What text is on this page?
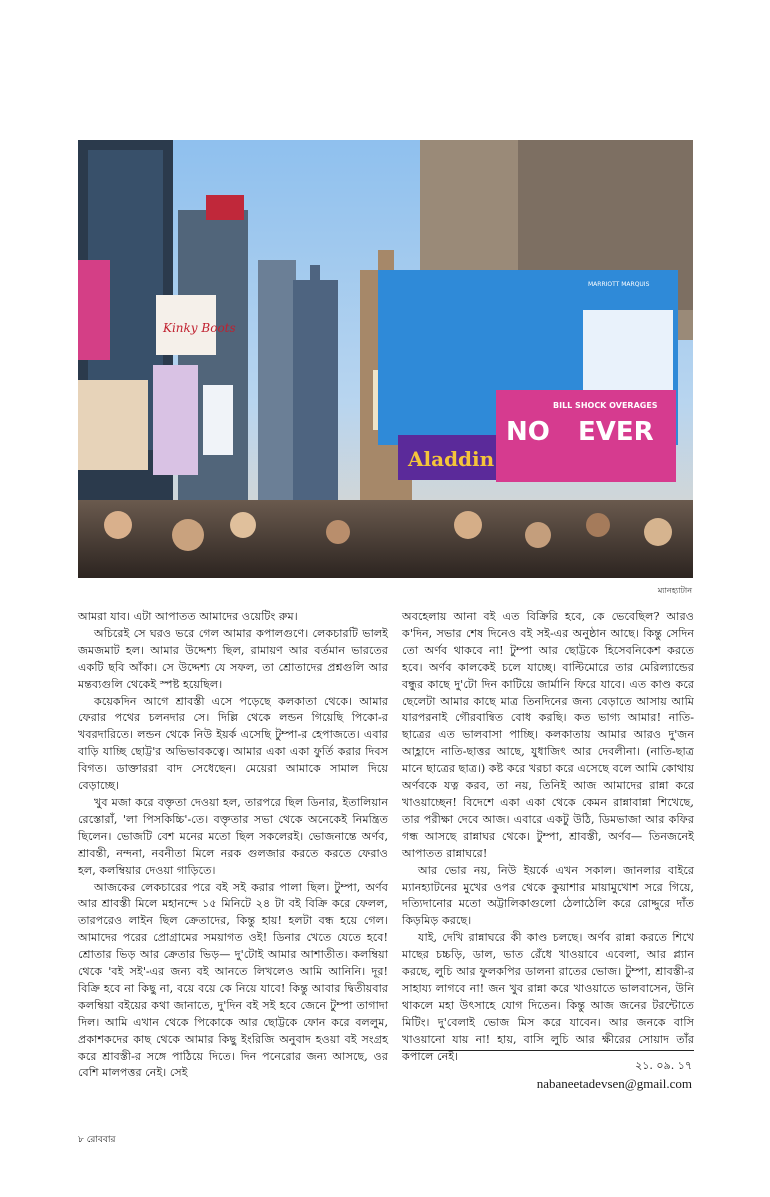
Kinky Boots
Aladdin
NO EVER
BILL SHOCK OVERAGES
MARRIOTT MARQUIS
ম্যানহ্যাটান

আমরা যাব। এটা আপাতত আমাদের ওয়েটিং রুম।

অচিরেই সে ঘরও ভরে গেল আমার কপালগুণে। লেকচারটি ভালই জমজমাট হল। আমার উদ্দেশ্য ছিল, রামায়ণ আর বর্তমান ভারতের একটি ছবি আঁকা। সে উদ্দেশ্য যে সফল, তা শ্রোতাদের প্রশ্নগুলি আর মন্তব্যগুলি থেকেই স্পষ্ট হয়েছিল।

কয়েকদিন আগে শ্রাবস্তী এসে পড়েছে কলকাতা থেকে। আমার ফেরার পথের চলনদার সে। দিল্লি থেকে লন্ডন গিয়েছি পিকো-র খবরদারিতে। লন্ডন থেকে নিউ ইয়র্ক এসেছি টুম্পা-র হেপাজতে। এবার বাড়ি যাচ্ছি ছোট্ট'র অভিভাবকত্বে। আমার একা একা ফুর্তি করার দিবস বিগত। ডাক্তাররা বাদ সেধেছেন। মেয়েরা আমাকে সামাল দিয়ে বেড়াচ্ছে।

খুব মজা করে বক্তৃতা দেওয়া হল, তারপরে ছিল ডিনার, ইতালিয়ান রেস্তোরাঁ, 'লা পিসকিচ্চি'-তে। বক্তৃতার সভা থেকে অনেকেই নিমন্ত্রিত ছিলেন। ভোজটি বেশ মনের মতো ছিল সকলেরই। ভোজনান্তে অর্ণব, শ্রাবন্তী, নন্দনা, নবনীতা মিলে নরক গুলজার করতে করতে ফেরাও হল, কলম্বিয়ার দেওয়া গাড়িতে।

আজকের লেকচারের পরে বই সই করার পালা ছিল। টুম্পা, অর্ণব আর শ্রাবস্তী মিলে মহানন্দে ১৫ মিনিটে ২৪ টা বই বিক্রি করে ফেলল, তারপরেও লাইন ছিল ক্রেতাদের, কিন্তু হায়! হলটা বন্ধ হয়ে গেল। আমাদের পরের প্রোগ্রামের সময়াগত ওই! ডিনার খেতে যেতে হবে! শ্রোতার ভিড় আর ক্রেতার ভিড়— দু'টোই আমার আশাতীত। কলম্বিয়া থেকে 'বই সই'-এর জন্য বই আনতে লিখলেও আমি আনিনি। দূর! বিক্রি হবে না কিছু না, বয়ে বয়ে কে নিয়ে যাবে! কিন্তু আবার দ্বিতীয়বার কলম্বিয়া বইয়ের কথা জানাতে, দু'দিন বই সই হবে জেনে টুম্পা তাগাদা দিল। আমি এখান থেকে পিকোকে আর ছোট্টকে ফোন করে বললুম, প্রকাশকদের কাছ থেকে আমার কিছু ইংরিজি অনুবাদ হওয়া বই সংগ্রহ করে শ্রাবস্তী-র সঙ্গে পাঠিয়ে দিতে। দিন পনেরোর জন্য আসছে, ওর বেশি মালপত্তর নেই। সেই

অবহেলায় আনা বই এত বিক্রিরি হবে, কে ভেবেছিল? আরও ক'দিন, সভার শেষ দিনেও বই সই-এর অনুষ্ঠান আছে। কিন্তু সেদিন তো অর্ণব থাকবে না! টুম্পা আর ছোট্টকে হিসেবনিকেশ করতে হবে। অর্ণব কালকেই চলে যাচ্ছে। বাল্টিমোরে তার মেরিল্যান্ডের বন্ধুর কাছে দু'টো দিন কাটিয়ে জার্মানি ফিরে যাবে। এত কাণ্ড করে ছেলেটা আমার কাছে মাত্র তিনদিনের জন্য বেড়াতে আসায় আমি যারপরনাই গৌরবান্বিত বোধ করছি। কত ভাগ্য আমার! নাতি-ছাত্রের এত ভালবাসা পাচ্ছি। কলকাতায় আমার আরও দু'জন আহ্লাদে নাতি-ছাত্তর আছে, যুধাজিৎ আর দেবলীনা। (নাতি-ছাত্র মানে ছাত্রের ছাত্র।) কষ্ট করে খরচা করে এসেছে বলে আমি কোথায় অর্ণবকে যত্ন করব, তা নয়, তিনিই আজ আমাদের রান্না করে খাওয়াচ্ছেন! বিদেশে একা একা থেকে কেমন রান্নাবান্না শিখেছে, তার পরীক্ষা দেবে আজ। এবারে একটু উঠি, ডিমভাজা আর কফির গন্ধ আসছে রান্নাঘর থেকে। টুম্পা, শ্রাবস্তী, অর্ণব— তিনজনেই আপাতত রান্নাঘরে!

আর ভোর নয়, নিউ ইয়র্কে এখন সকাল। জানলার বাইরে ম্যানহ্যাটনের মুখের ওপর থেকে কুয়াশার মায়ামুখোশ সরে গিয়ে, দত্যিদানোর মতো অট্টালিকাগুলো ঠেলাঠেলি করে রোদ্দুরে দাঁত কিড়মিড় করছে।

যাই, দেখি রান্নাঘরে কী কাণ্ড চলছে। অর্ণব রান্না করতে শিখে মাছের চচ্চড়ি, ডাল, ভাত রেঁধে খাওয়াবে এবেলা, আর প্ল্যান করছে, লুচি আর ফুলকপির ডালনা রাতের ভোজ। টুম্পা, শ্রাবস্তী-র সাহায্য লাগবে না! জন খুব রান্না করে খাওয়াতে ভালবাসেন, উনি থাকলে মহা উৎসাহে যোগ দিতেন। কিন্তু আজ জনের টরন্টোতে মিটিং। দু'বেলাই ভোজ মিস করে যাবেন। আর জনকে বাসি খাওয়ানো যায় না! হায়, বাসি লুচি আর ক্ষীরের সোয়াদ তাঁর কপালে নেই।

২১. ০৯. ১৭
nabaneetadevsen@gmail.com
৮ রোববার
